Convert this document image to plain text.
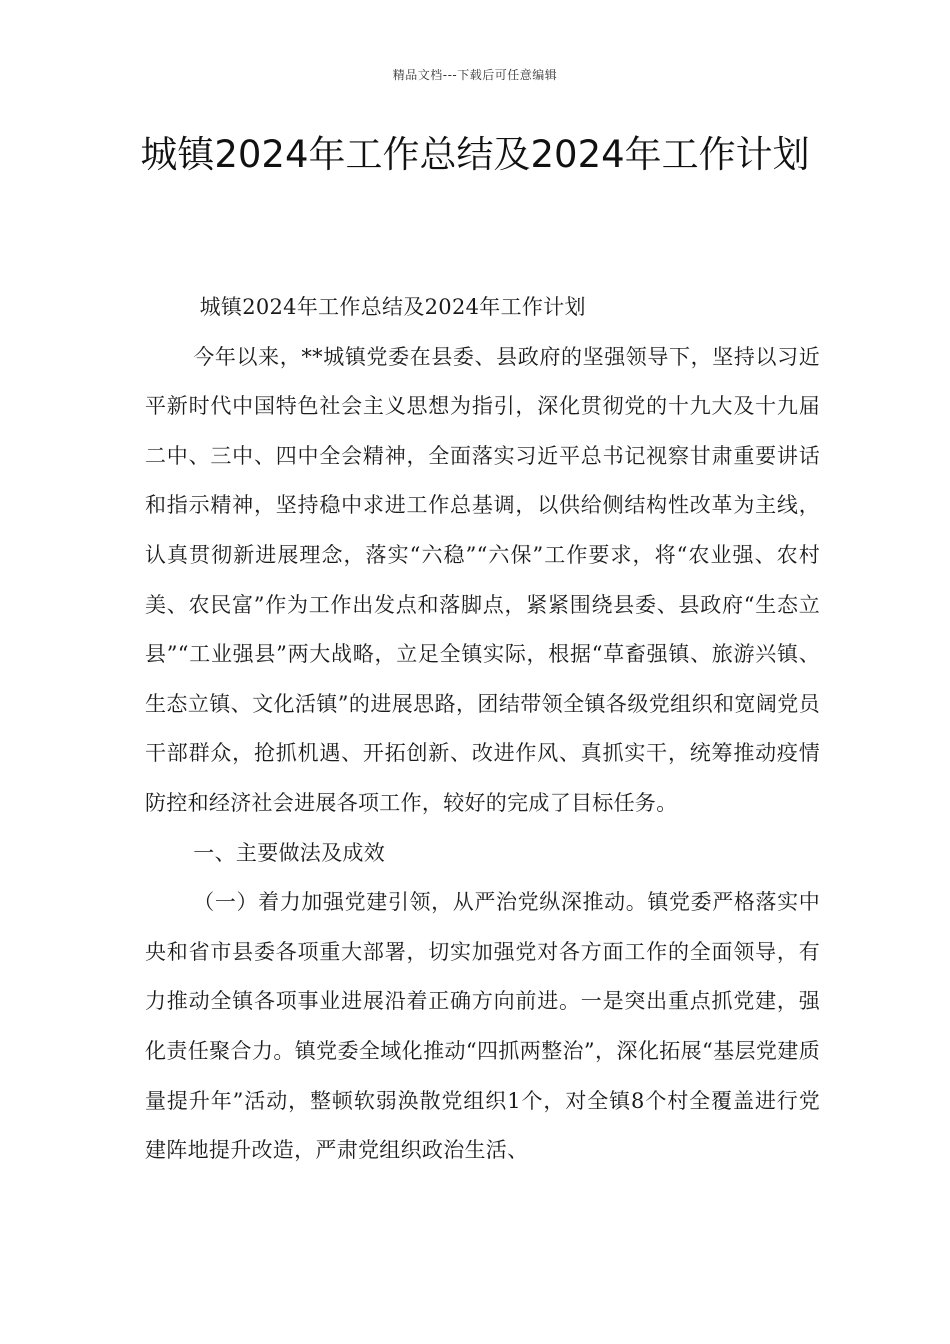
精品文档---下载后可任意编辑
城镇2024年工作总结及2024年工作计划

城镇2024年工作总结及2024年工作计划

今年以来，**城镇党委在县委、县政府的坚强领导下，坚持以习近平新时代中国特色社会主义思想为指引，深化贯彻党的十九大及十九届二中、三中、四中全会精神，全面落实习近平总书记视察甘肃重要讲话和指示精神，坚持稳中求进工作总基调，以供给侧结构性改革为主线，认真贯彻新进展理念，落实“六稳”“六保”工作要求，将“农业强、农村美、农民富”作为工作出发点和落脚点，紧紧围绕县委、县政府“生态立县”“工业强县”两大战略，立足全镇实际，根据“草畜强镇、旅游兴镇、生态立镇、文化活镇”的进展思路，团结带领全镇各级党组织和宽阔党员干部群众，抢抓机遇、开拓创新、改进作风、真抓实干，统筹推动疫情防控和经济社会进展各项工作，较好的完成了目标任务。

一、主要做法及成效

（一）着力加强党建引领，从严治党纵深推动。镇党委严格落实中央和省市县委各项重大部署，切实加强党对各方面工作的全面领导，有力推动全镇各项事业进展沿着正确方向前进。一是突出重点抓党建，强化责任聚合力。镇党委全域化推动“四抓两整治”，深化拓展“基层党建质量提升年”活动，整顿软弱涣散党组织1个，对全镇8个村全覆盖进行党建阵地提升改造，严肃党组织政治生活、
